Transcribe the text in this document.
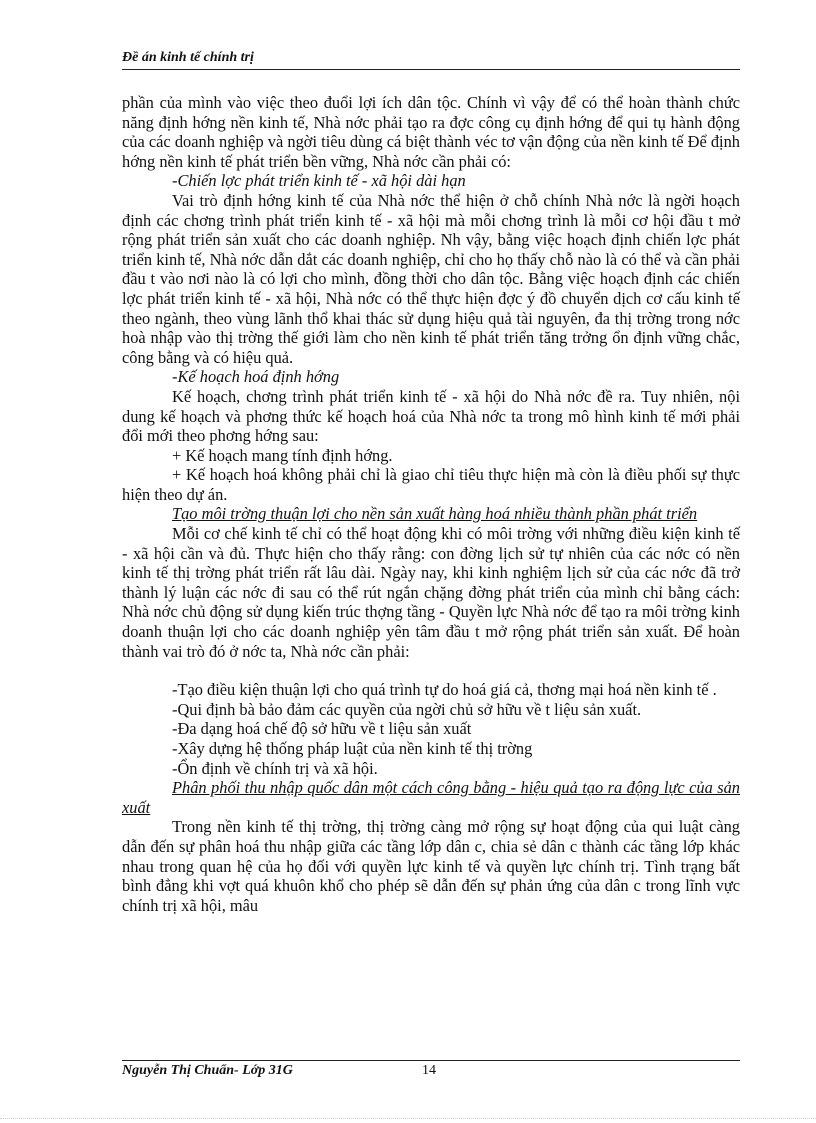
Đề án kinh tế chính trị

phần của mình vào việc theo đuổi lợi ích dân tộc. Chính vì vậy để có thể hoàn thành chức năng định hớng nền kinh tế, Nhà nớc phải tạo ra đợc công cụ định hớng để qui tụ hành động của các doanh nghiệp và ngời tiêu dùng cá biệt thành véc tơ vận động của nền kinh tế Để định hớng nền kinh tế phát triển bền vững, Nhà nớc cần phải có:

-Chiến lợc phát triển kinh tế - xã hội dài hạn

Vai trò định hớng kinh tế của Nhà nớc thể hiện ở chỗ chính Nhà nớc là ngời hoạch định các chơng trình phát triển kinh tế - xã hội mà mỗi chơng trình là mỗi cơ hội đầu t mở rộng phát triển sản xuất cho các doanh nghiệp. Nh vậy, bằng việc hoạch định chiến lợc phát triển kinh tế, Nhà nớc dẫn dắt các doanh nghiệp, chỉ cho họ thấy chỗ nào là có thể và cần phải đầu t vào nơi nào là có lợi cho mình, đồng thời cho dân tộc. Bằng việc hoạch định các chiến lợc phát triển kinh tế - xã hội, Nhà nớc có thể thực hiện đợc ý đồ chuyển dịch cơ cấu kinh tế theo ngành, theo vùng lãnh thổ khai thác sử dụng hiệu quả tài nguyên, đa thị trờng trong nớc hoà nhập vào thị trờng thế giới làm cho nền kinh tế phát triển tăng trởng ổn định vững chắc, công bằng và có hiệu quả.

-Kế hoạch hoá định hớng

Kế hoạch, chơng trình phát triển kinh tế - xã hội do Nhà nớc đề ra. Tuy nhiên, nội dung kế hoạch và phơng thức kế hoạch hoá của Nhà nớc ta trong mô hình kinh tế mới phải đổi mới theo phơng hớng sau:

+ Kế hoạch mang tính định hớng.

+ Kế hoạch hoá không phải chỉ là giao chỉ tiêu thực hiện mà còn là điều phối sự thực hiện theo dự án.

Tạo môi trờng thuận lợi cho nền sản xuất hàng hoá nhiều thành phần phát triển

Mỗi cơ chế kinh tế chỉ có thể hoạt động khi có môi trờng với những điều kiện kinh tế - xã hội cần và đủ. Thực hiện cho thấy rằng: con đờng lịch sử tự nhiên của các nớc có nền kinh tế thị trờng phát triển rất lâu dài. Ngày nay, khi kinh nghiệm lịch sử của các nớc đã trở thành lý luận các nớc đi sau có thể rút ngắn chặng đờng phát triển của mình chỉ bằng cách: Nhà nớc chủ động sử dụng kiến trúc thợng tầng - Quyền lực Nhà nớc để tạo ra môi trờng kinh doanh thuận lợi cho các doanh nghiệp yên tâm đầu t mở rộng phát triển sản xuất. Để hoàn thành vai trò đó ở nớc ta, Nhà nớc cần phải:

-Tạo điều kiện thuận lợi cho quá trình tự do hoá giá cả, thơng mại hoá nền kinh tế .

-Qui định bà bảo đảm các quyền của ngời chủ sở hữu về t liệu sản xuất.

-Đa dạng hoá chế độ sở hữu về t liệu sản xuất

-Xây dựng hệ thống pháp luật của nền kinh tế thị trờng

-Ổn định về chính trị và xã hội.

Phân phối thu nhập quốc dân một cách công bằng - hiệu quả tạo ra động lực của sản xuất

Trong nền kinh tế thị trờng, thị trờng càng mở rộng sự hoạt động của qui luật càng dẫn đến sự phân hoá thu nhập giữa các tầng lớp dân c, chia sẻ dân c thành các tầng lớp khác nhau trong quan hệ của họ đối với quyền lực kinh tế và quyền lực chính trị. Tình trạng bất bình đẳng khi vợt quá khuôn khổ cho phép sẽ dẫn đến sự phản ứng của dân c trong lĩnh vực chính trị xã hội, mâu

Nguyễn Thị Chuẩn- Lớp 31G	14
